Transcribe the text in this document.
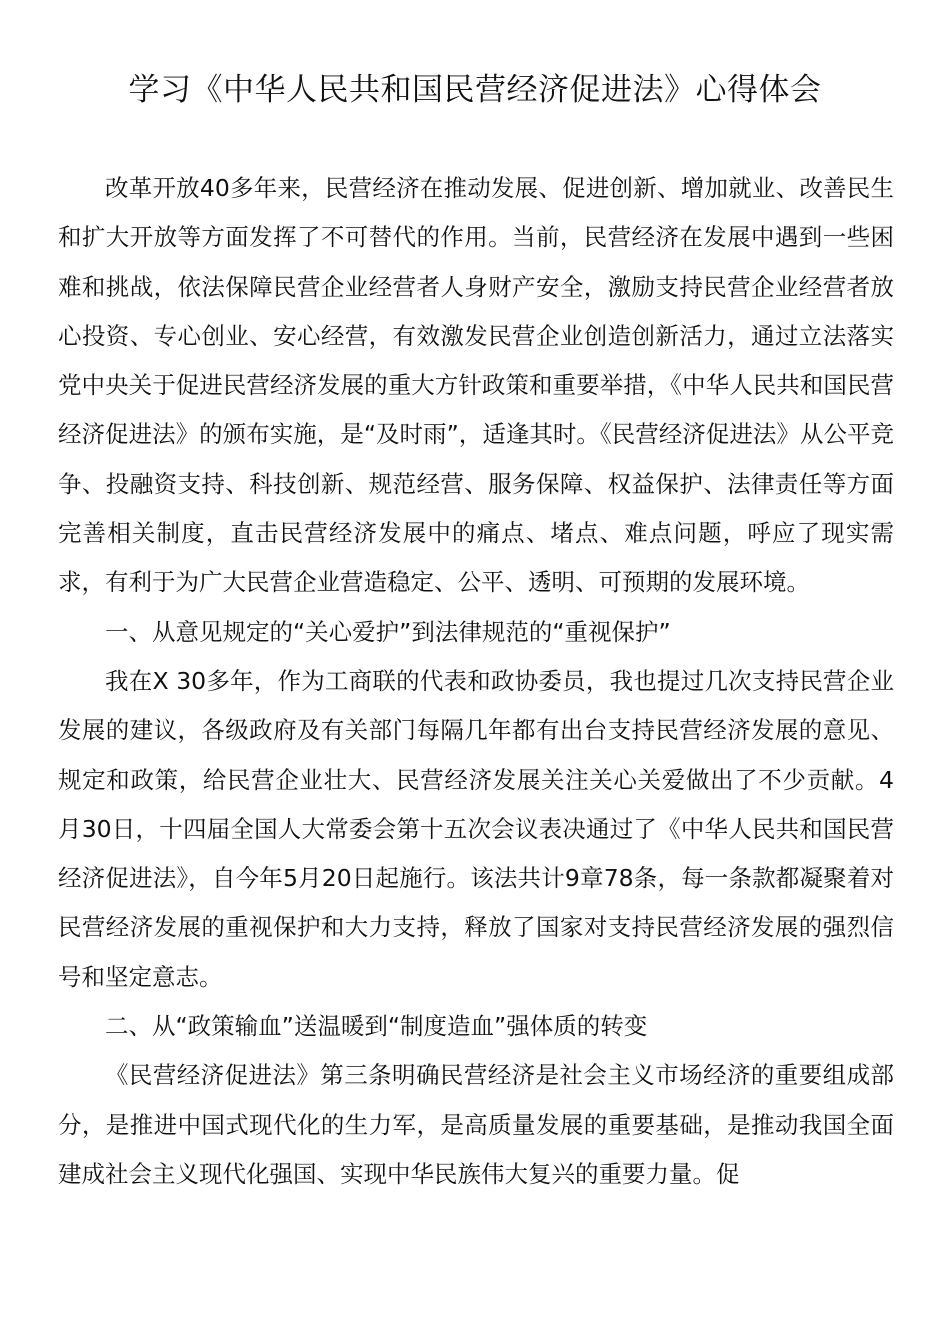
学习《中华人民共和国民营经济促进法》心得体会

改革开放40多年来，民营经济在推动发展、促进创新、增加就业、改善民生和扩大开放等方面发挥了不可替代的作用。当前，民营经济在发展中遇到一些困难和挑战，依法保障民营企业经营者人身财产安全，激励支持民营企业经营者放心投资、专心创业、安心经营，有效激发民营企业创造创新活力，通过立法落实党中央关于促进民营经济发展的重大方针政策和重要举措，《中华人民共和国民营经济促进法》的颁布实施，是“及时雨”，适逢其时。《民营经济促进法》从公平竞争、投融资支持、科技创新、规范经营、服务保障、权益保护、法律责任等方面完善相关制度，直击民营经济发展中的痛点、堵点、难点问题，呼应了现实需求，有利于为广大民营企业营造稳定、公平、透明、可预期的发展环境。

一、从意见规定的“关心爱护”到法律规范的“重视保护”

我在X 30多年，作为工商联的代表和政协委员，我也提过几次支持民营企业发展的建议，各级政府及有关部门每隔几年都有出台支持民营经济发展的意见、规定和政策，给民营企业壮大、民营经济发展关注关心关爱做出了不少贡献。4月30日，十四届全国人大常委会第十五次会议表决通过了《中华人民共和国民营经济促进法》，自今年5月20日起施行。该法共计9章78条，每一条款都凝聚着对民营经济发展的重视保护和大力支持，释放了国家对支持民营经济发展的强烈信号和坚定意志。

二、从“政策输血”送温暖到“制度造血”强体质的转变

《民营经济促进法》第三条明确民营经济是社会主义市场经济的重要组成部分，是推进中国式现代化的生力军，是高质量发展的重要基础，是推动我国全面建成社会主义现代化强国、实现中华民族伟大复兴的重要力量。促
